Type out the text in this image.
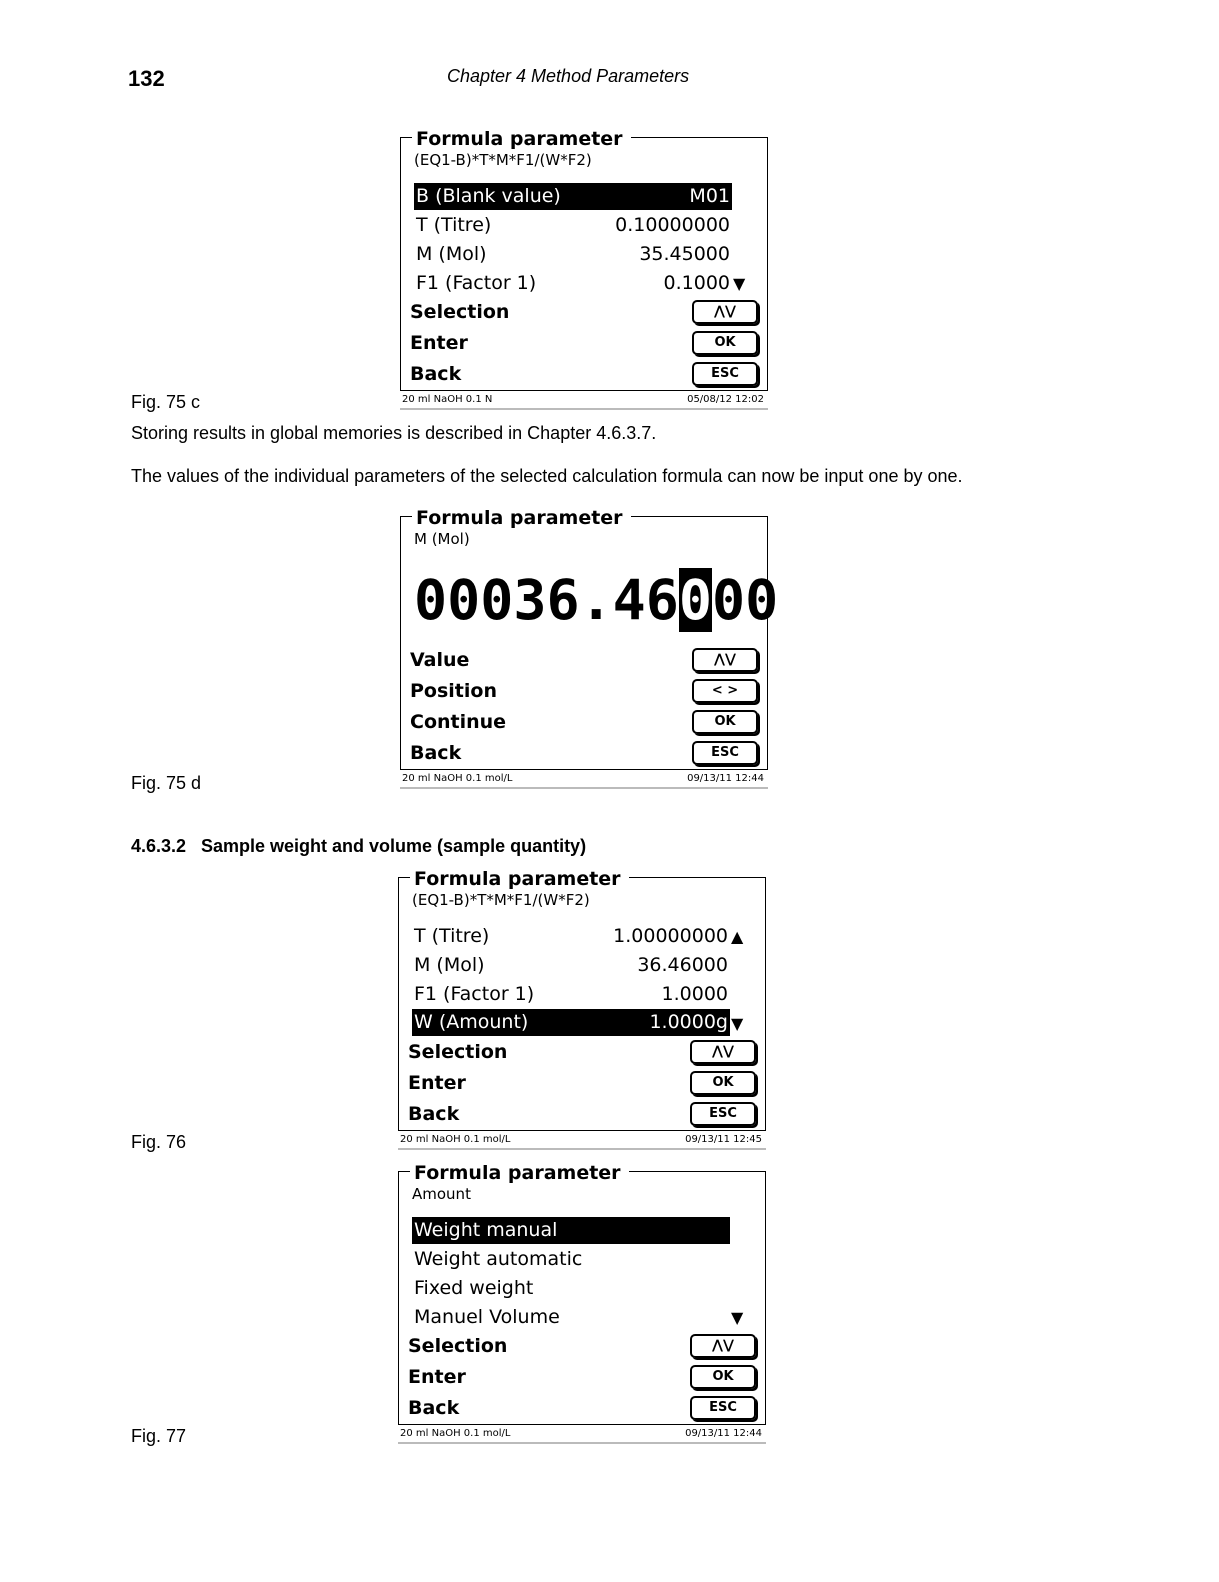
132	Chapter 4 Method Parameters
Formula parameter
(EQ1-B)*T*M*F1/(W*F2)
B (Blank value)	M01
T (Titre)	0.10000000
M (Mol)	35.45000
F1 (Factor 1)	0.1000 ▼
Selection	⋀⋁
Enter	OK
Back	ESC
20 ml NaOH 0.1 N	05/08/12 12:02
Fig. 75 c
Storing results in global memories is described in Chapter 4.6.3.7.
The values of the individual parameters of the selected calculation formula can now be input one by one.
Formula parameter
M (Mol)
00036.46000
Value	⋀⋁
Position	< >
Continue	OK
Back	ESC
20 ml NaOH 0.1 mol/L	09/13/11 12:44
Fig. 75 d
4.6.3.2 Sample weight and volume (sample quantity)
Formula parameter
(EQ1-B)*T*M*F1/(W*F2)
T (Titre)	1.00000000 ▲
M (Mol)	36.46000
F1 (Factor 1)	1.0000
W (Amount)	1.0000g ▼
Selection	⋀⋁
Enter	OK
Back	ESC
20 ml NaOH 0.1 mol/L	09/13/11 12:45
Fig. 76
Formula parameter
Amount
Weight manual
Weight automatic
Fixed weight
Manuel Volume	▼
Selection	⋀⋁
Enter	OK
Back	ESC
20 ml NaOH 0.1 mol/L	09/13/11 12:44
Fig. 77
